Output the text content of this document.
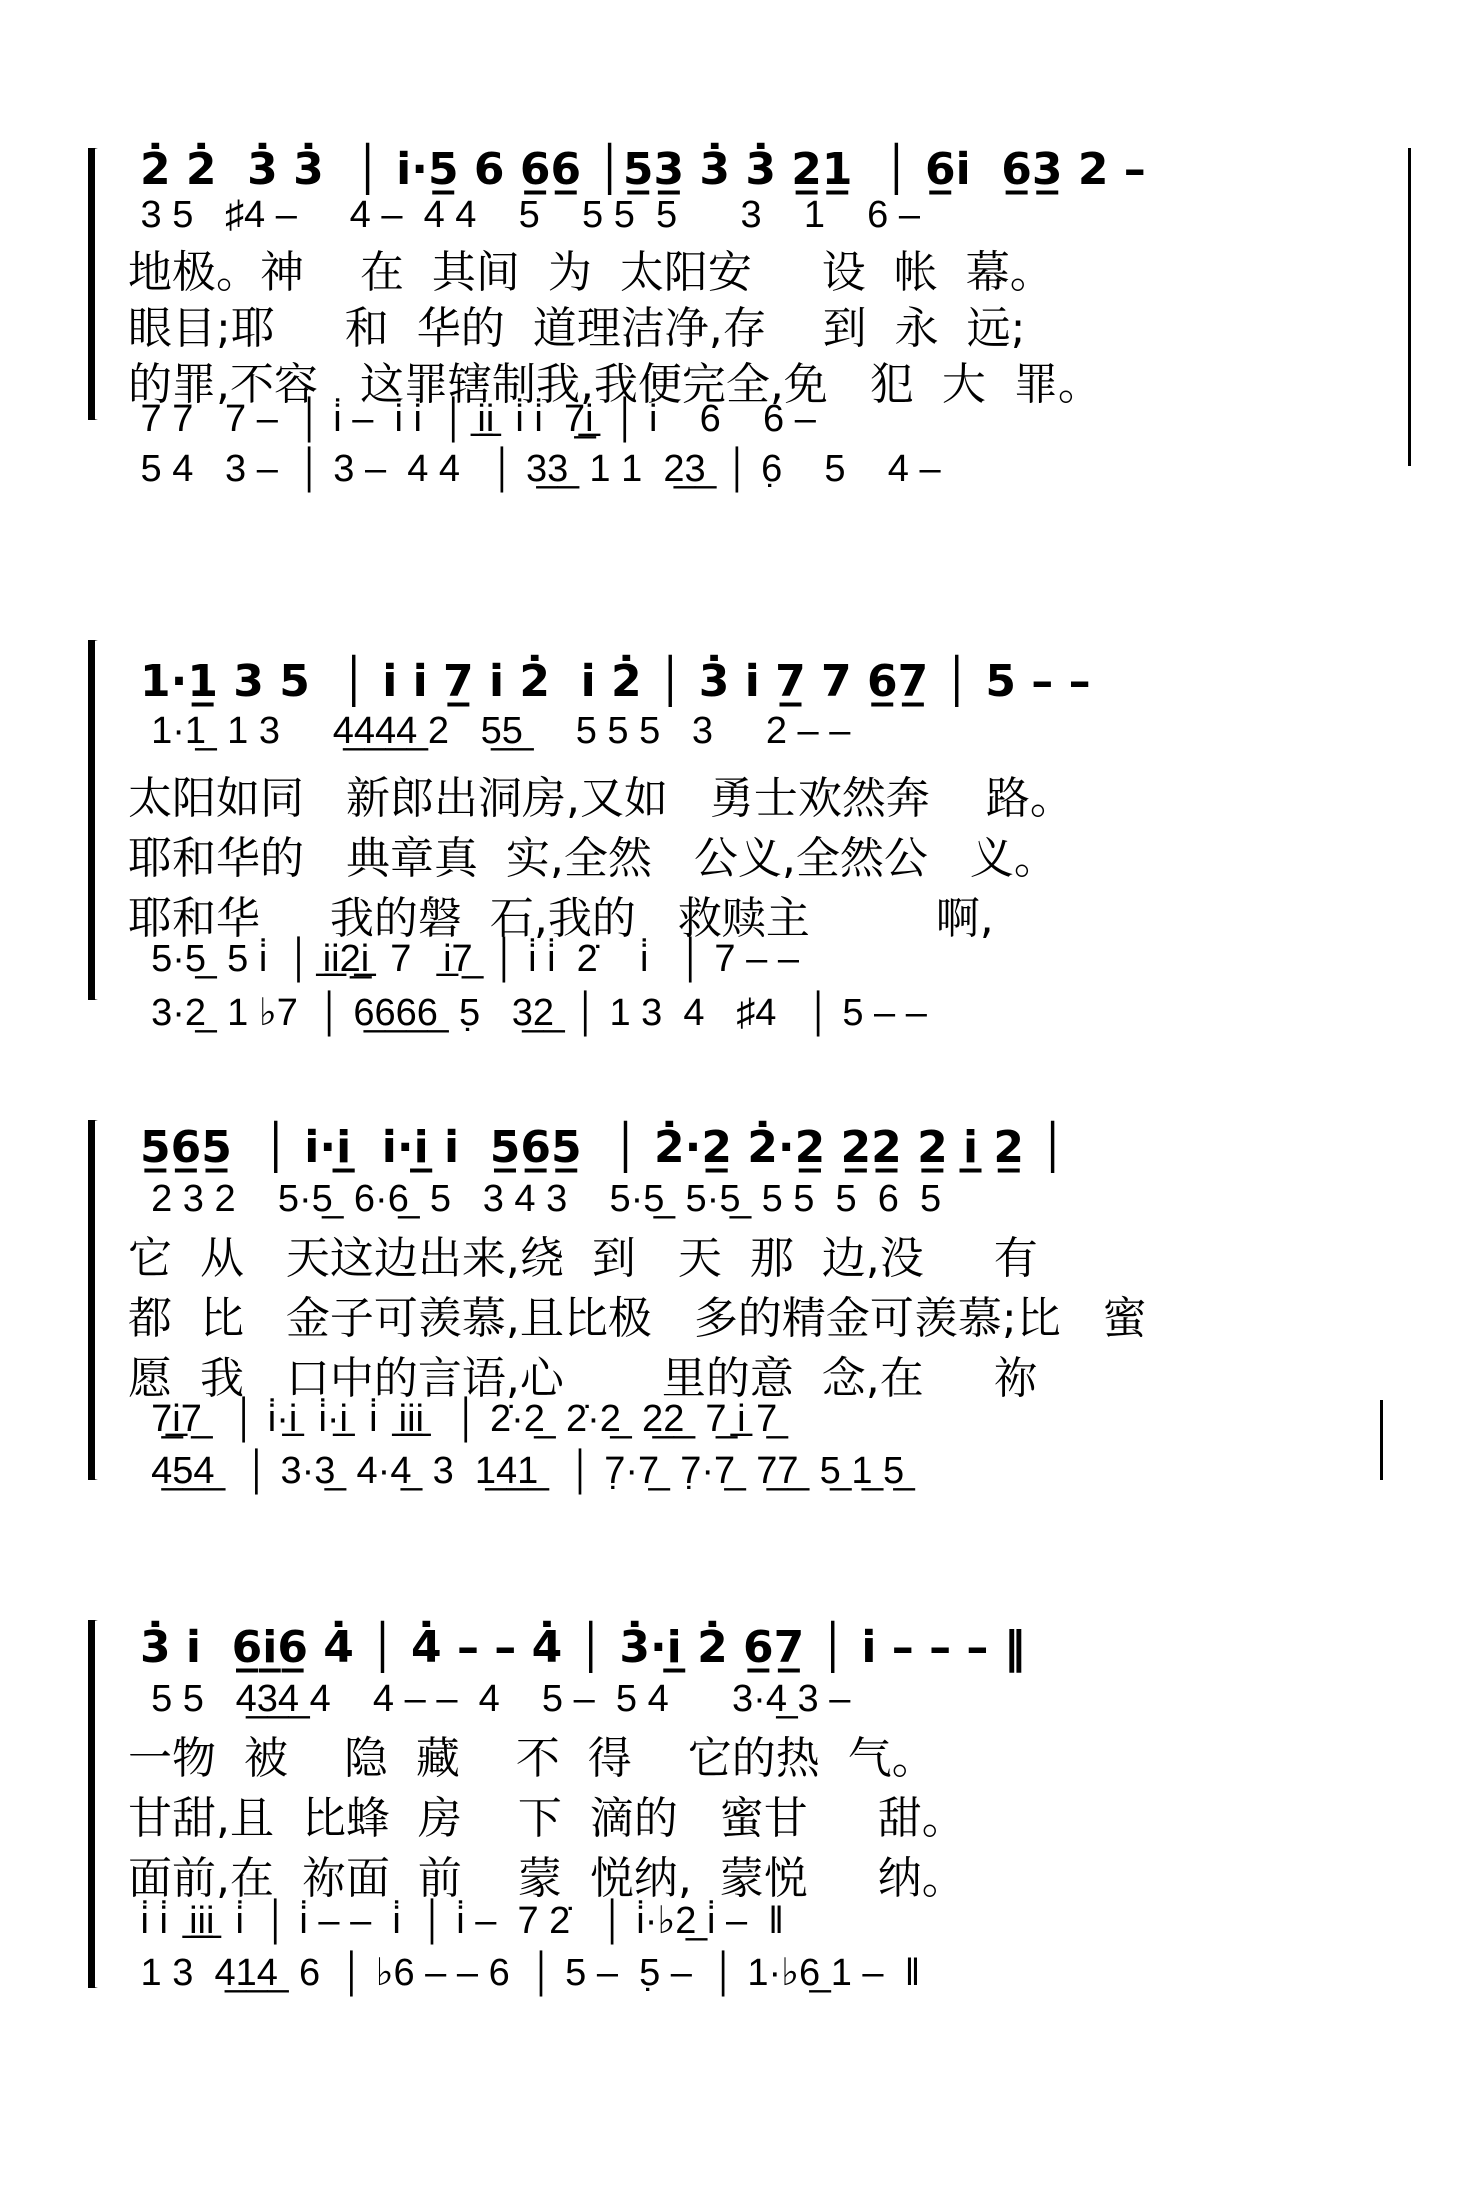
2̇ 2̇  3̇ 3̇  │ i̇·5̲ 6 6̲6̲ │5̲3̲ 3̇ 3̇ 2̲1̲  │ 6̲i̇  6̲3̲ 2 –
3 5   ♯4 –     4 –  4 4    5    5 5  5      3    1    6 –
地极。神    在  其间  为  太阳安     设  帐  幕。
眼目;耶     和  华的  道理洁净,存    到  永  远;
的罪,不容   这罪辖制我,我便完全,免   犯  大  罪。
7 7   7 –  │ i̇ –  i̇ i̇  │ i̲i̲  i̇ i̇  7̲i̲  │ i̇    6    6 –
5 4   3 –  │ 3 –  4 4   │ 3̲3̲  1 1  2̲3̲  │ 6̣    5    4 –
1·1̲ 3 5  │ i̇ i̇ 7̲ i̇ 2̇  i̇ 2̇ │ 3̇ i̇ 7̲ 7 6̲7̲ │ 5 – –
1·1̲  1 3     4̲4̲4̲4̲ 2   5̲5̲     5 5 5   3     2 – –
太阳如同   新郎出洞房,又如   勇士欢然奔    路。
耶和华的   典章真  实,全然   公义,全然公   义。
耶和华     我的磐  石,我的   救赎主         啊,
5·5̲  5 i̇  │ i̲i̲2̲i̲  7   i̲7̲  │ i̇ i̇  2̇    i̇   │ 7 – –
3·2̲  1 ♭7  │ 6̲6̲6̲6̲  5̣   3̲2̲  │ 1 3  4   ♯4   │ 5 – –
5̲6̲5̲  │ i̇·i̲̲  i̇·i̲̲ i̇  5̲6̲5̲  │ 2̇·2̲̲ 2̇·2̲̲ 2̲2̲ 2̲ i̲ 2̲ │
2 3 2    5·5̲  6·6̲  5   3 4 3    5·5̲  5·5̲  5 5  5  6  5
它  从   天这边出来,绕  到   天  那  边,没     有
都  比   金子可羡慕,且比极   多的精金可羡慕;比   蜜
愿  我   口中的言语,心       里的意  念,在     祢
7̲i̲7̲   │ i̇·i̲  i̇·i̲  i̇  i̲i̲i̲   │ 2̇·2̲  2̇·2̲  2̲2̲  7̲ i̲ 7̲
4̲5̲4̲   │ 3·3̲  4·4̲  3  1̲4̲1̲   │ 7̣·7̲  7̣·7̲  7̲7̲  5̲ 1̲ 5̲
3̇ i̇  6̲i̲6̲ 4̇ │ 4̇ – – 4̇ │ 3̇·i̲ 2̇ 6̲7̲ │ i̇ – – – ‖
5 5   4̲3̲4̲ 4    4 – –  4    5 –  5 4      3·4̲ 3 –
一物  被    隐  藏    不  得    它的热  气。
甘甜,且  比蜂  房    下  滴的   蜜甘     甜。
面前,在  祢面  前    蒙  悦纳,  蒙悦     纳。
i̇ i̇  i̲i̲i̲  i̇  │ i̇ – –  i̇  │ i̇ –  7 2̇   │ i̇·♭2̲ i̇ –  ‖
1 3  4̲1̲4̲  6  │ ♭6 – – 6  │ 5 –  5̣ –  │ 1·♭6̲ 1 –  ‖
